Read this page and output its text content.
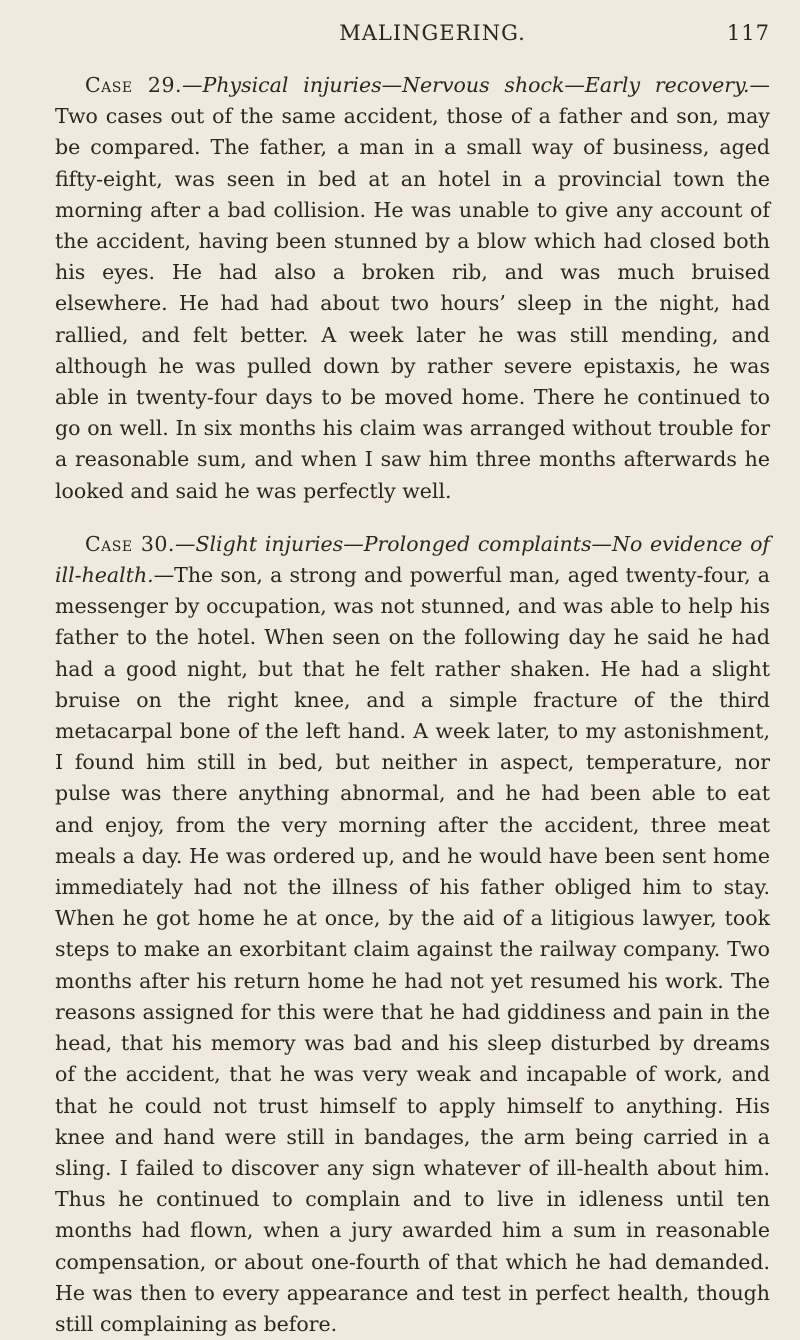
MALINGERING.	117

Case 29.—Physical injuries—Nervous shock—Early recovery.— Two cases out of the same accident, those of a father and son, may be compared. The father, a man in a small way of business, aged fifty-eight, was seen in bed at an hotel in a provincial town the morning after a bad collision. He was unable to give any account of the accident, having been stunned by a blow which had closed both his eyes. He had also a broken rib, and was much bruised elsewhere. He had had about two hours’ sleep in the night, had rallied, and felt better. A week later he was still mending, and although he was pulled down by rather severe epistaxis, he was able in twenty-four days to be moved home. There he continued to go on well. In six months his claim was arranged without trouble for a reasonable sum, and when I saw him three months afterwards he looked and said he was perfectly well.

Case 30.—Slight injuries—Prolonged complaints—No evidence of ill-health.—The son, a strong and powerful man, aged twenty-four, a messenger by occupation, was not stunned, and was able to help his father to the hotel. When seen on the following day he said he had had a good night, but that he felt rather shaken. He had a slight bruise on the right knee, and a simple fracture of the third metacarpal bone of the left hand. A week later, to my astonishment, I found him still in bed, but neither in aspect, temperature, nor pulse was there anything abnormal, and he had been able to eat and enjoy, from the very morning after the accident, three meat meals a day. He was ordered up, and he would have been sent home immediately had not the illness of his father obliged him to stay. When he got home he at once, by the aid of a litigious lawyer, took steps to make an exorbitant claim against the railway company. Two months after his return home he had not yet resumed his work. The reasons assigned for this were that he had giddiness and pain in the head, that his memory was bad and his sleep disturbed by dreams of the accident, that he was very weak and incapable of work, and that he could not trust himself to apply himself to anything. His knee and hand were still in bandages, the arm being carried in a sling. I failed to discover any sign whatever of ill-health about him. Thus he continued to complain and to live in idleness until ten months had flown, when a jury awarded him a sum in reasonable compensation, or about one-fourth of that which he had demanded. He was then to every appearance and test in perfect health, though still complaining as before.
